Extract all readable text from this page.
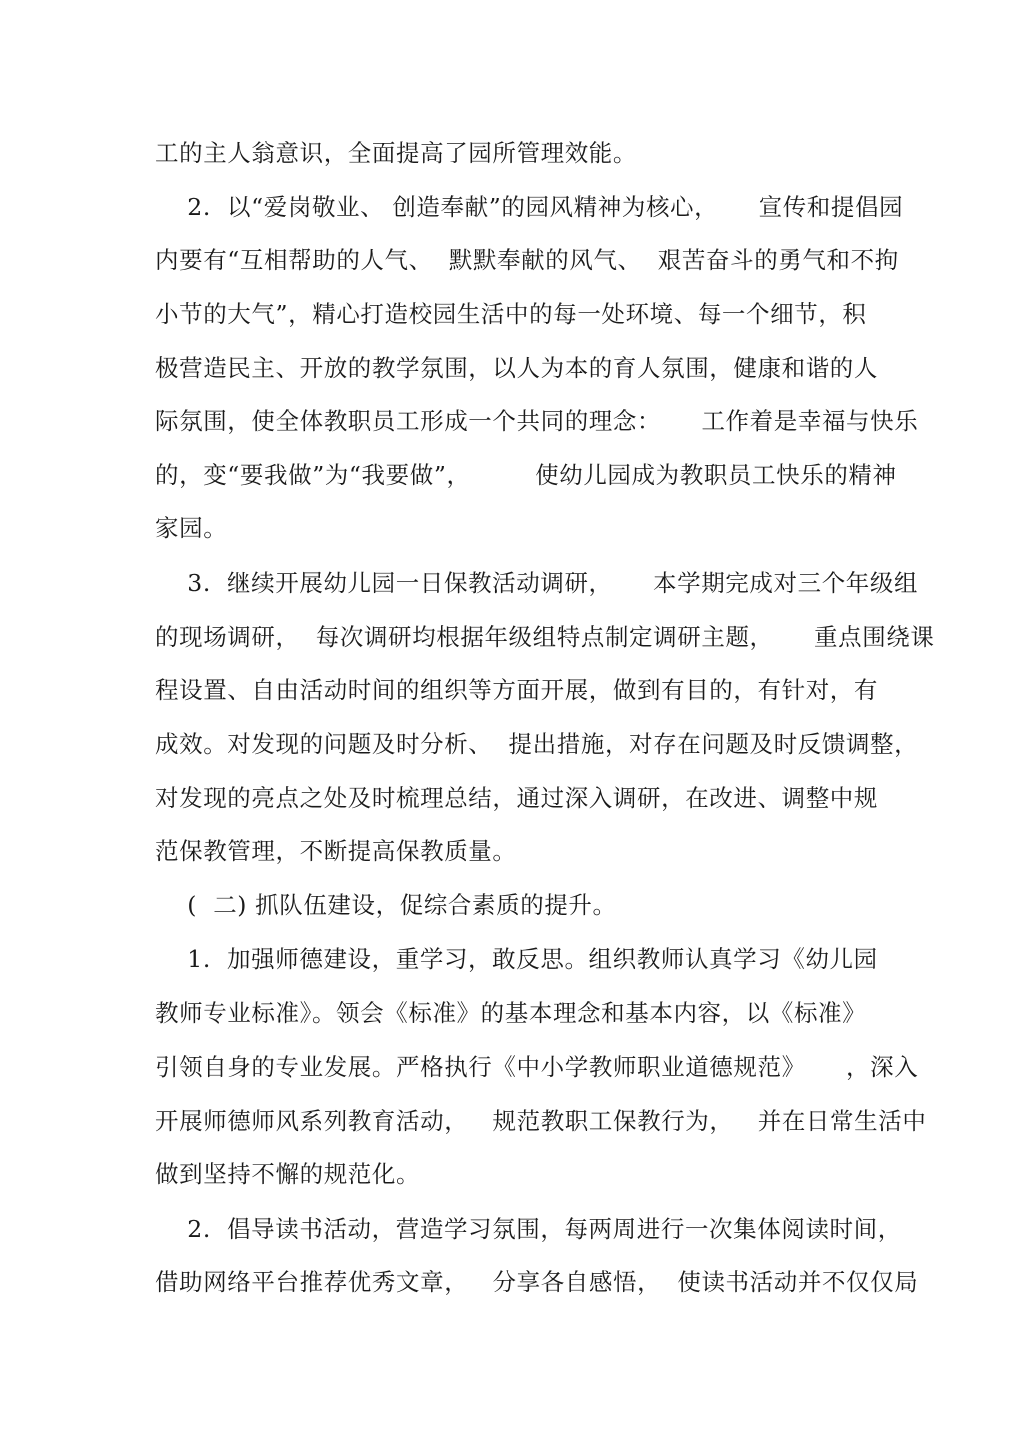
工的主人翁意识，全面提高了园所管理效能。
2.  以“爱岗敬业、 创造奉献”的园风精神为核心，     宣传和提倡园
内要有“互相帮助的人气、  默默奉献的风气、  艰苦奋斗的勇气和不拘
小节的大气”，精心打造校园生活中的每一处环境、每一个细节，积
极营造民主、开放的教学氛围，以人为本的育人氛围，健康和谐的人
际氛围，使全体教职员工形成一个共同的理念：     工作着是幸福与快乐
的，变“要我做”为“我要做”，        使幼儿园成为教职员工快乐的精神
家园。
3.  继续开展幼儿园一日保教活动调研，     本学期完成对三个年级组
的现场调研，  每次调研均根据年级组特点制定调研主题，     重点围绕课
程设置、自由活动时间的组织等方面开展，做到有目的，有针对，有
成效。对发现的问题及时分析、  提出措施，对存在问题及时反馈调整，
对发现的亮点之处及时梳理总结，通过深入调研，在改进、调整中规
范保教管理，不断提高保教质量。
(  二) 抓队伍建设，促综合素质的提升。
1.  加强师德建设，重学习，敢反思。组织教师认真学习《幼儿园
教师专业标准》。领会《标准》的基本理念和基本内容，以《标准》
引领自身的专业发展。严格执行《中小学教师职业道德规范》     ，深入
开展师德师风系列教育活动，   规范教职工保教行为，   并在日常生活中
做到坚持不懈的规范化。
2.  倡导读书活动，营造学习氛围，每两周进行一次集体阅读时间，
借助网络平台推荐优秀文章，   分享各自感悟，  使读书活动并不仅仅局
